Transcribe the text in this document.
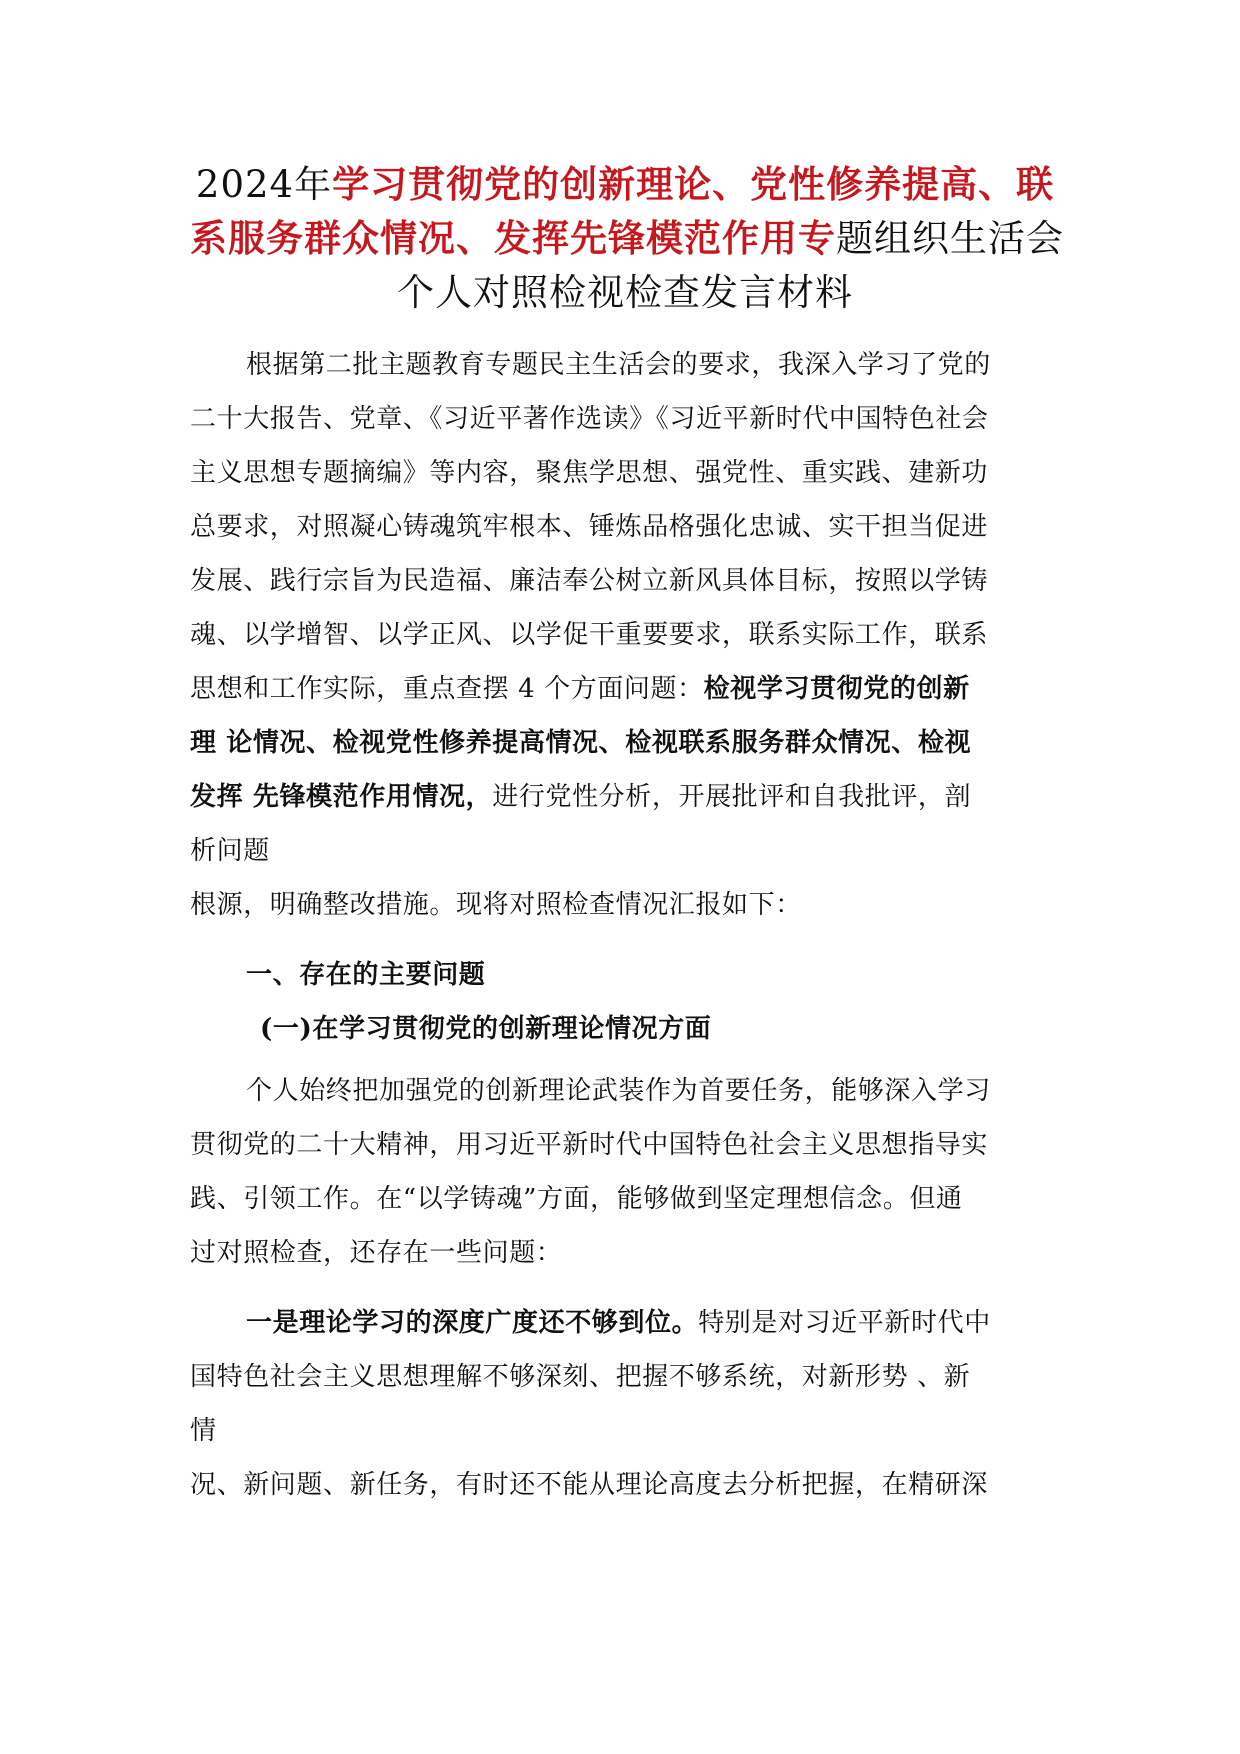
2024年学习贯彻党的创新理论、党性修养提高、联
系服务群众情况、发挥先锋模范作用专题组织生活会
个人对照检视检查发言材料
根据第二批主题教育专题民主生活会的要求，我深入学习了党的
二十大报告、党章、《习近平著作选读》《习近平新时代中国特色社会
主义思想专题摘编》等内容，聚焦学思想、强党性、重实践、建新功
总要求，对照凝心铸魂筑牢根本、锤炼品格强化忠诚、实干担当促进
发展、践行宗旨为民造福、廉洁奉公树立新风具体目标，按照以学铸
魂、以学增智、以学正风、以学促干重要要求，联系实际工作，联系
思想和工作实际，重点查摆 4 个方面问题：检视学习贯彻党的创新
理 论情况、检视党性修养提高情况、检视联系服务群众情况、检视
发挥 先锋模范作用情况，进行党性分析，开展批评和自我批评，剖
析问题
根源，明确整改措施。现将对照检查情况汇报如下：
一、存在的主要问题
(一)在学习贯彻党的创新理论情况方面
个人始终把加强党的创新理论武装作为首要任务，能够深入学习
贯彻党的二十大精神，用习近平新时代中国特色社会主义思想指导实
践、引领工作。在“以学铸魂”方面，能够做到坚定理想信念。但通
过对照检查，还存在一些问题：
一是理论学习的深度广度还不够到位。特别是对习近平新时代中
国特色社会主义思想理解不够深刻、把握不够系统，对新形势 、新
情
况、新问题、新任务，有时还不能从理论高度去分析把握，在精研深
